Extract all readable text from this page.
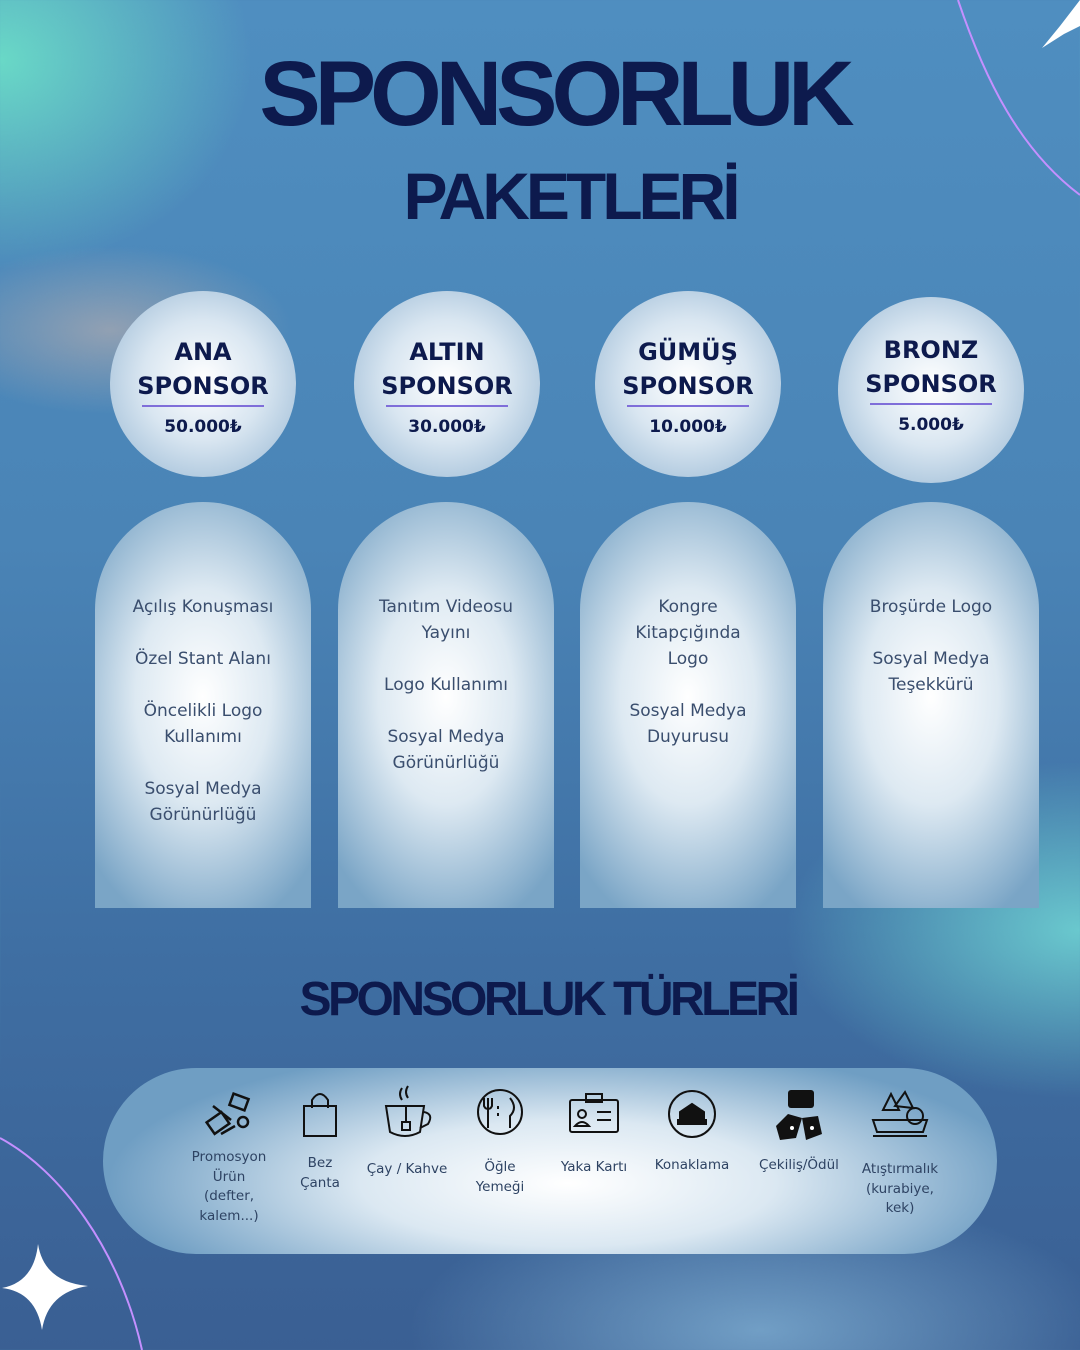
SPONSORLUK
PAKETLERİ
ANA
SPONSOR
50.000₺
ALTIN
SPONSOR
30.000₺
GÜMÜŞ
SPONSOR
10.000₺
BRONZ
SPONSOR
5.000₺
Açılış Konuşması
Özel Stant Alanı
Öncelikli Logo
Kullanımı
Sosyal Medya
Görünürlüğü
Tanıtım Videosu
Yayını
Logo Kullanımı
Sosyal Medya
Görünürlüğü
Kongre
Kitapçığında
Logo
Sosyal Medya
Duyurusu
Broşürde Logo
Sosyal Medya
Teşekkürü
SPONSORLUK TÜRLERİ
Promosyon
Ürün
(defter,
kalem...)
Bez
Çanta
Çay / Kahve	Öğle
Yemeği
Yaka Kartı	Konaklama	Çekiliş/Ödül	Atıştırmalık
(kurabiye,
kek)
